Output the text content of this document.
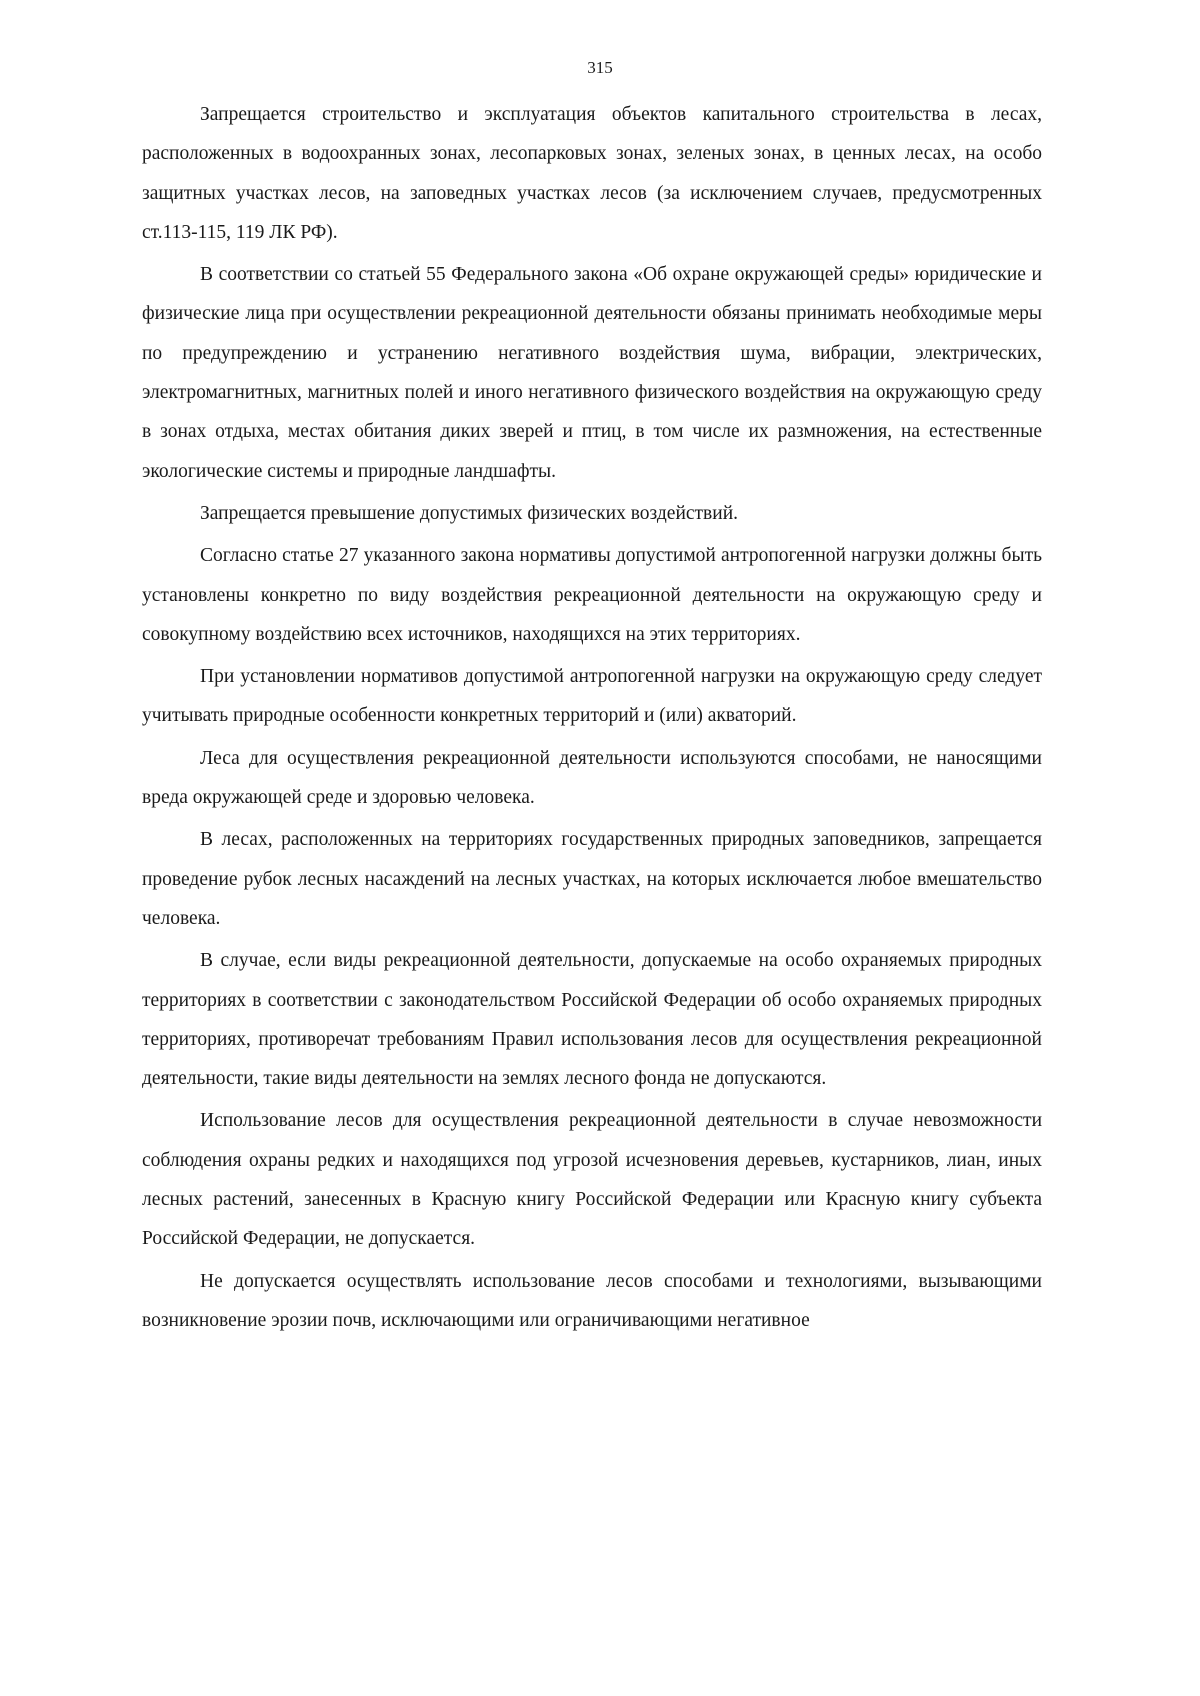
315

Запрещается строительство и эксплуатация объектов капитального строительства в лесах, расположенных в водоохранных зонах, лесопарковых зонах, зеленых зонах, в ценных лесах, на особо защитных участках лесов, на заповедных участках лесов (за исключением случаев, предусмотренных ст.113-115, 119 ЛК РФ).

В соответствии со статьей 55 Федерального закона «Об охране окружающей среды» юридические и физические лица при осуществлении рекреационной деятельности обязаны принимать необходимые меры по предупреждению и устранению негативного воздействия шума, вибрации, электрических, электромагнитных, магнитных полей и иного негативного физического воздействия на окружающую среду в зонах отдыха, местах обитания диких зверей и птиц, в том числе их размножения, на естественные экологические системы и природные ландшафты.

Запрещается превышение допустимых физических воздействий.

Согласно статье 27 указанного закона нормативы допустимой антропогенной нагрузки должны быть установлены конкретно по виду воздействия рекреационной деятельности на окружающую среду и совокупному воздействию всех источников, находящихся на этих территориях.

При установлении нормативов допустимой антропогенной нагрузки на окружающую среду следует учитывать природные особенности конкретных территорий и (или) акваторий.

Леса для осуществления рекреационной деятельности используются способами, не наносящими вреда окружающей среде и здоровью человека.

В лесах, расположенных на территориях государственных природных заповедников, запрещается проведение рубок лесных насаждений на лесных участках, на которых исключается любое вмешательство человека.

В случае, если виды рекреационной деятельности, допускаемые на особо охраняемых природных территориях в соответствии с законодательством Российской Федерации об особо охраняемых природных территориях, противоречат требованиям Правил использования лесов для осуществления рекреационной деятельности, такие виды деятельности на землях лесного фонда не допускаются.

Использование лесов для осуществления рекреационной деятельности в случае невозможности соблюдения охраны редких и находящихся под угрозой исчезновения деревьев, кустарников, лиан, иных лесных растений, занесенных в Красную книгу Российской Федерации или Красную книгу субъекта Российской Федерации, не допускается.

Не допускается осуществлять использование лесов способами и технологиями, вызывающими возникновение эрозии почв, исключающими или ограничивающими негативное
